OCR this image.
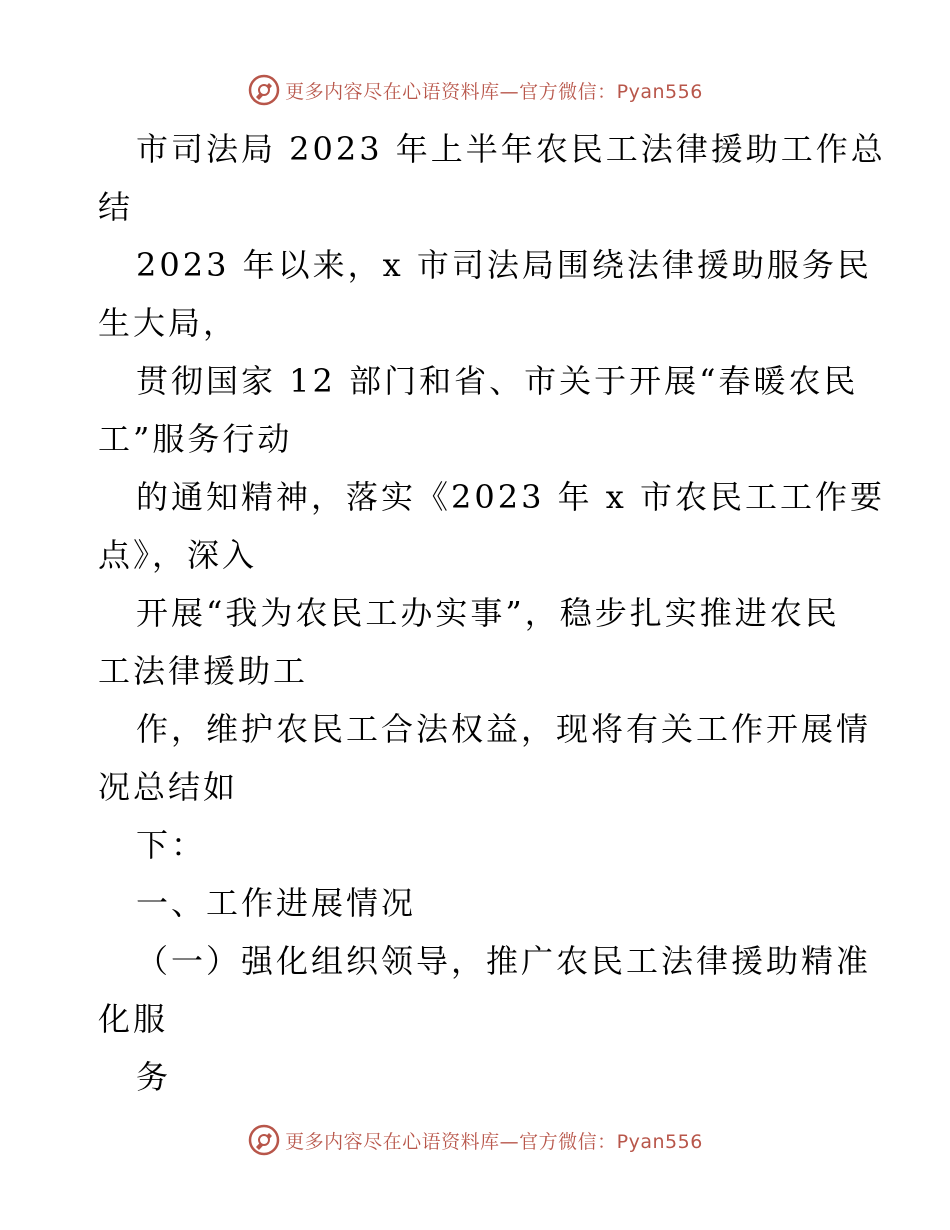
更多内容尽在心语资料库—官方微信：Pyan556
市司法局 2023 年上半年农民工法律援助工作总
结
2023 年以来，x 市司法局围绕法律援助服务民
生大局，
贯彻国家 12 部门和省、市关于开展“春暖农民
工”服务行动
的通知精神，落实《2023 年 x 市农民工工作要
点》，深入
开展“我为农民工办实事”，稳步扎实推进农民
工法律援助工
作，维护农民工合法权益，现将有关工作开展情
况总结如
下：
一、工作进展情况
（一）强化组织领导，推广农民工法律援助精准
化服
务
更多内容尽在心语资料库—官方微信：Pyan556
